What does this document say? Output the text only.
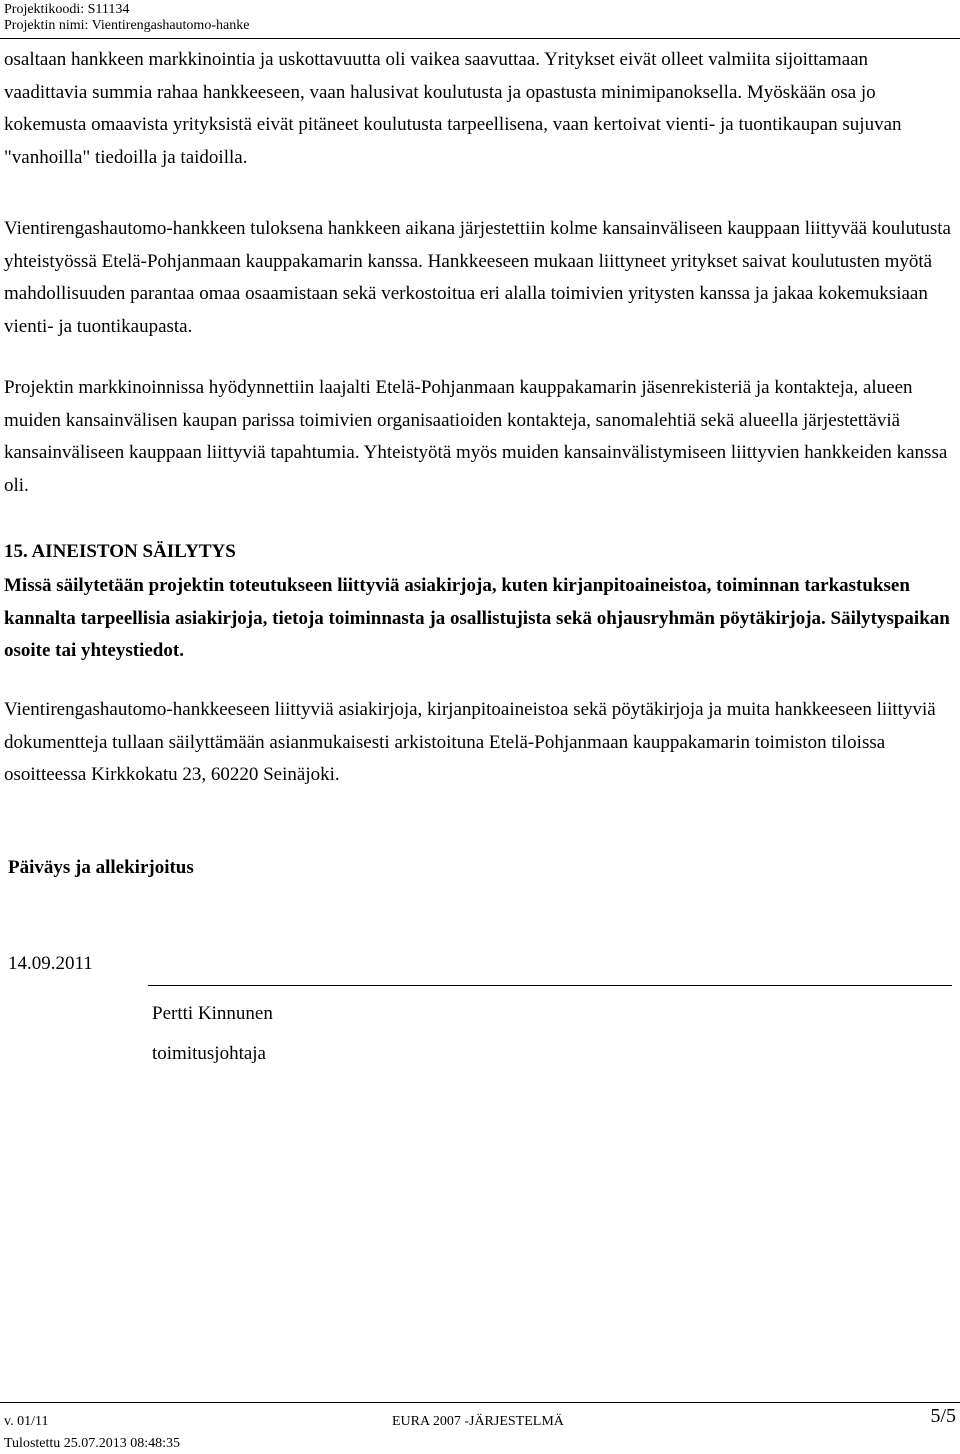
Projektikoodi: S11134
Projektin nimi: Vientirengashautomo-hanke

osaltaan hankkeen markkinointia ja uskottavuutta oli vaikea saavuttaa. Yritykset eivät olleet valmiita sijoittamaan vaadittavia summia rahaa hankkeeseen, vaan halusivat koulutusta ja opastusta minimipanoksella. Myöskään osa jo kokemusta omaavista yrityksistä eivät pitäneet koulutusta tarpeellisena, vaan kertoivat vienti- ja tuontikaupan sujuvan "vanhoilla" tiedoilla ja taidoilla.

Vientirengashautomo-hankkeen tuloksena hankkeen aikana järjestettiin kolme kansainväliseen kauppaan liittyvää koulutusta yhteistyössä Etelä-Pohjanmaan kauppakamarin kanssa. Hankkeeseen mukaan liittyneet yritykset saivat koulutusten myötä mahdollisuuden parantaa omaa osaamistaan sekä verkostoitua eri alalla toimivien yritysten kanssa ja jakaa kokemuksiaan vienti- ja tuontikaupasta.

Projektin markkinoinnissa hyödynnettiin laajalti Etelä-Pohjanmaan kauppakamarin jäsenrekisteriä ja kontakteja, alueen muiden kansainvälisen kaupan parissa toimivien organisaatioiden kontakteja, sanomalehtiä sekä alueella järjestettäviä kansainväliseen kauppaan liittyviä tapahtumia. Yhteistyötä myös muiden kansainvälistymiseen liittyvien hankkeiden kanssa oli.

15. AINEISTON SÄILYTYS

Missä säilytetään projektin toteutukseen liittyviä asiakirjoja, kuten kirjanpitoaineistoa, toiminnan tarkastuksen kannalta tarpeellisia asiakirjoja, tietoja toiminnasta ja osallistujista sekä ohjausryhmän pöytäkirjoja. Säilytyspaikan osoite tai yhteystiedot.

Vientirengashautomo-hankkeeseen liittyviä asiakirjoja, kirjanpitoaineistoa sekä pöytäkirjoja ja muita hankkeeseen liittyviä dokumentteja tullaan säilyttämään asianmukaisesti arkistoituna Etelä-Pohjanmaan kauppakamarin toimiston tiloissa osoitteessa Kirkkokatu 23, 60220 Seinäjoki.

Päiväys ja allekirjoitus
14.09.2011
Pertti Kinnunen
toimitusjohtaja
v. 01/11	EURA 2007 -JÄRJESTELMÄ	5/5
Tulostettu 25.07.2013 08:48:35
